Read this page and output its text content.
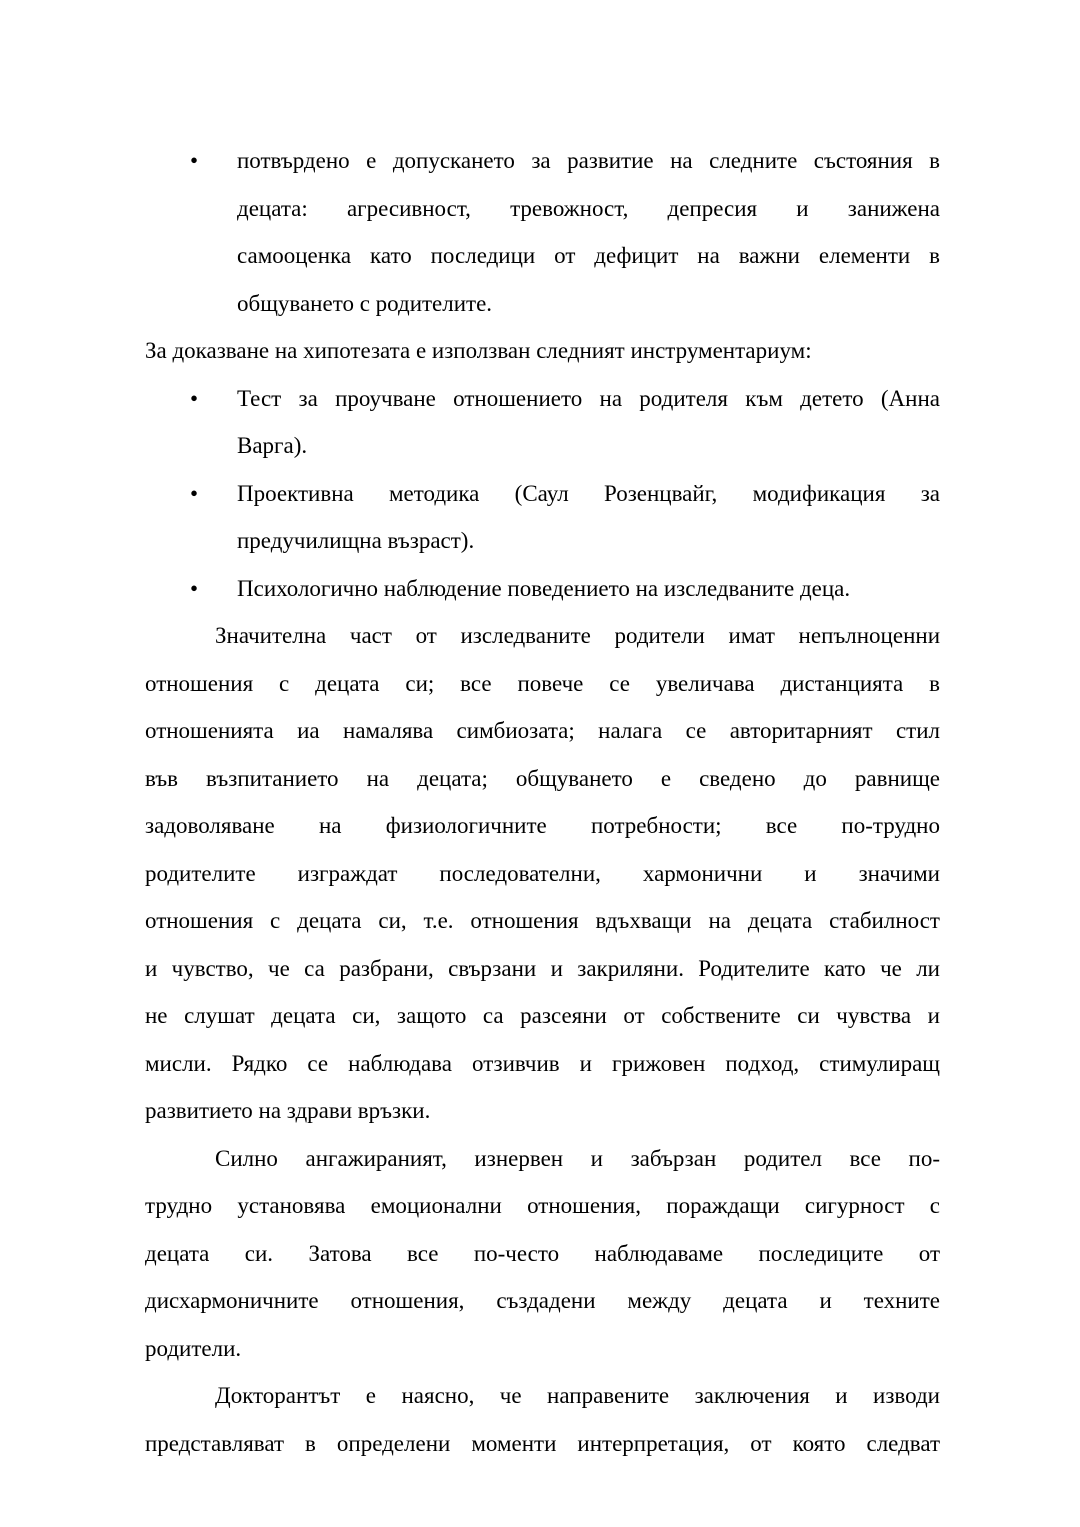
• потвърдено е допускането за развитие на следните състояния в
децата: агресивност, тревожност, депресия и занижена
самооценка като последици от дефицит на важни елементи в
общуването с родителите.
За доказване на хипотезата е използван следният инструментариум:
• Тест за проучване отношението на родителя към детето (Анна
Варга).
• Проективна методика (Саул Розенцвайг, модификация за
предучилищна възраст).
• Психологично наблюдение поведението на изследваните деца.
Значителна част от изследваните родители имат непълноценни
отношения с децата си; все повече се увеличава дистанцията в
отношенията иа намалява симбиозата; налага се авторитарният стил
във възпитанието на децата; общуването е сведено до равнище
задоволяване на физиологичните потребности; все по-трудно
родителите изграждат последователни, хармонични и значими
отношения с децата си, т.е. отношения вдъхващи на децата стабилност
и чувство, че са разбрани, свързани и закриляни. Родителите като че ли
не слушат децата си, защото са разсеяни от собствените си чувства и
мисли. Рядко се наблюдава отзивчив и грижовен подход, стимулиращ
развитието на здрави връзки.
Силно ангажираният, изнервен и забързан родител все по-
трудно установява емоционални отношения, пораждащи сигурност с
децата си. Затова все по-често наблюдаваме последиците от
дисхармоничните отношения, създадени между децата и техните
родители.
Докторантът е наясно, че направените заключения и изводи
представляват в определени моменти интерпретация, от която следват
